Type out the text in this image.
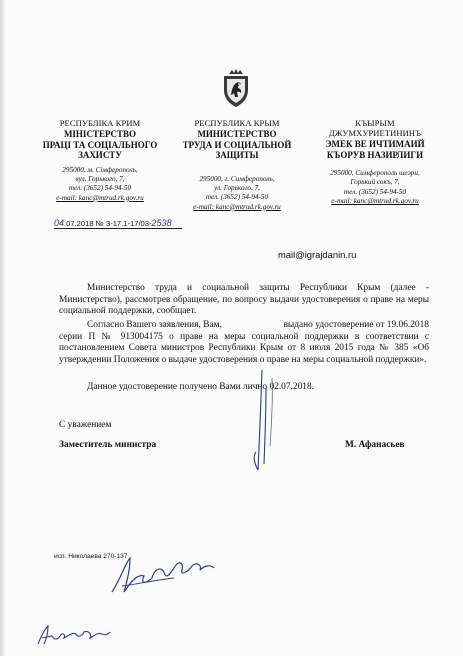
РЕСПУБЛІКА КРИМ
МІНІСТЕРСТВО
ПРАЦІ ТА СОЦІАЛЬНОГО
ЗАХИСТУ
295000, м. Сімферополь,
вул. Горького, 7,
тел. (3652) 54-94-50
e-mail: kanc@mtrud.rk.gov.ru
РЕСПУБЛИКА КРЫМ
МИНИСТЕРСТВО
ТРУДА И СОЦИАЛЬНОЙ
ЗАЩИТЫ
295000, г. Симферополь,
ул. Горького, 7,
тел. (3652) 54-94-50
e-mail: kanc@mtrud.rk.gov.ru
КЪЫРЫМ
ДЖУМХУРИЕТИНИНЪ
ЭМЕК ВЕ ИЧТИМАИЙ
КЪОРУВ НАЗИРЛИГИ
295000, Симферополь шеэри,
Горький сокъ, 7,
тел. (3652) 54-94-50
e-mail: kanc@mtrud.rk.gov.ru
04.07.2018 № 3-17.1-17/03-2538
mail@igrajdanin.ru
Министерство труда и социальной защиты Республики Крым (далее - Министерство), рассмотрев обращение, по вопросу выдачи удостоверения о праве на меры социальной поддержки, сообщает.
Согласно Вашего заявления, Вам,                          выдано удостоверение от 19.06.2018 серии П № 913004175 о праве на меры социальной поддержки в соответствии с постановлением Совета министров Республики Крым от 8 июля 2015 года № 385 «Об утверждении Положения о выдаче удостоверения о праве на меры социальной поддержки».
Данное удостоверение получено Вами лично 02.07.2018.
С уважением
Заместитель министра	М. Афанасьев
исп. Николаева 270-137
